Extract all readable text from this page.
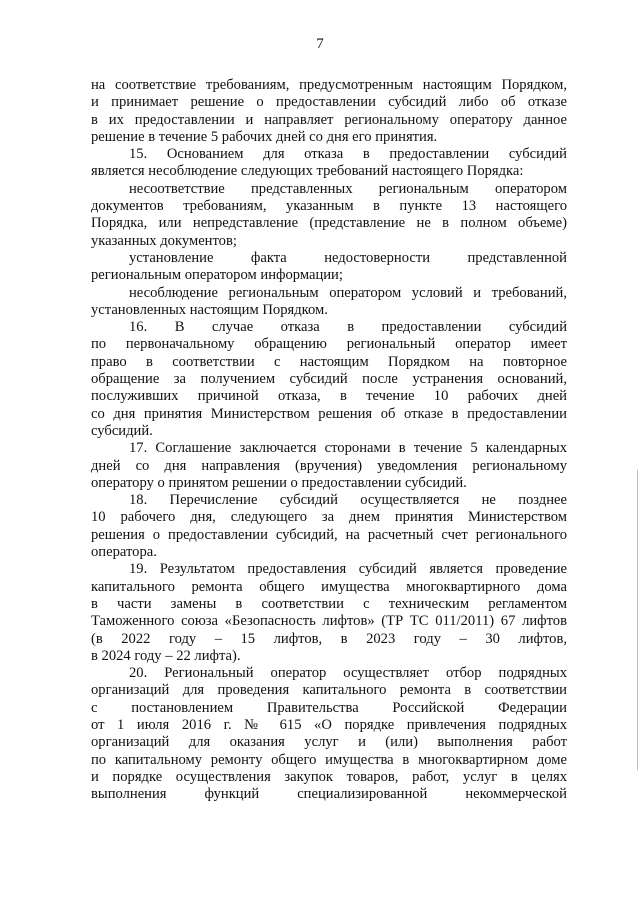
7
на соответствие требованиям, предусмотренным настоящим Порядком,
и принимает решение о предоставлении субсидий либо об отказе
в их предоставлении и направляет региональному оператору данное
решение в течение 5 рабочих дней со дня его принятия.
15. Основанием для отказа в предоставлении субсидий
является несоблюдение следующих требований настоящего Порядка:
несоответствие представленных региональным оператором
документов требованиям, указанным в пункте 13 настоящего
Порядка, или непредставление (представление не в полном объеме)
указанных документов;
установление факта недостоверности представленной
региональным оператором информации;
несоблюдение региональным оператором условий и требований,
установленных настоящим Порядком.
16. В случае отказа в предоставлении субсидий
по первоначальному обращению региональный оператор имеет
право в соответствии с настоящим Порядком на повторное
обращение за получением субсидий после устранения оснований,
послуживших причиной отказа, в течение 10 рабочих дней
со дня принятия Министерством решения об отказе в предоставлении
субсидий.
17. Соглашение заключается сторонами в течение 5 календарных
дней со дня направления (вручения) уведомления региональному
оператору о принятом решении о предоставлении субсидий.
18. Перечисление субсидий осуществляется не позднее
10 рабочего дня, следующего за днем принятия Министерством
решения о предоставлении субсидий, на расчетный счет регионального
оператора.
19. Результатом предоставления субсидий является проведение
капитального ремонта общего имущества многоквартирного дома
в части замены в соответствии с техническим регламентом
Таможенного союза «Безопасность лифтов» (ТР ТС 011/2011) 67 лифтов
(в 2022 году – 15 лифтов, в 2023 году – 30 лифтов,
в 2024 году – 22 лифта).
20. Региональный оператор осуществляет отбор подрядных
организаций для проведения капитального ремонта в соответствии
с постановлением Правительства Российской Федерации
от 1 июля 2016 г. № 615 «О порядке привлечения подрядных
организаций для оказания услуг и (или) выполнения работ
по капитальному ремонту общего имущества в многоквартирном доме
и порядке осуществления закупок товаров, работ, услуг в целях
выполнения функций специализированной некоммерческой
